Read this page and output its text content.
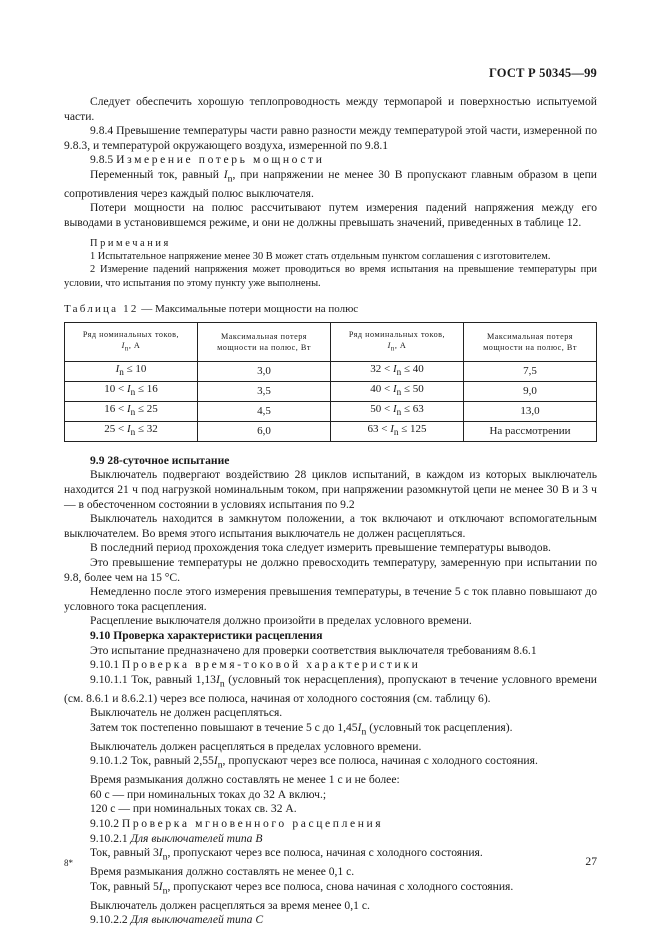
ГОСТ Р 50345—99

Следует обеспечить хорошую теплопроводность между термопарой и поверхностью испытуемой части.

9.8.4 Превышение температуры части равно разности между температурой этой части, измеренной по 9.8.3, и температурой окружающего воздуха, измеренной по 9.8.1

9.8.5 Измерение потерь мощности

Переменный ток, равный $I_n$, при напряжении не менее 30 В пропускают главным образом в цепи сопротивления через каждый полюс выключателя.

Потери мощности на полюс рассчитывают путем измерения падений напряжения между его выводами в установившемся режиме, и они не должны превышать значений, приведенных в таблице 12.

Примечания

1 Испытательное напряжение менее 30 В может стать отдельным пунктом соглашения с изготовителем.

2 Измерение падений напряжения может проводиться во время испытания на превышение температуры при условии, что испытания по этому пункту уже выполнены.

Таблица 12 — Максимальные потери мощности на полюс
Ряд номинальных токов,
$I_n$, А	Максимальная потеря
мощности на полюс, Вт	Ряд номинальных токов,
$I_n$, А	Максимальная потеря
мощности на полюс, Вт
$I_n \le 10$	3,0	$32 < I_n \le 40$	7,5
$10 < I_n \le 16$	3,5	$40 < I_n \le 50$	9,0
$16 < I_n \le 25$	4,5	$50 < I_n \le 63$	13,0
$25 < I_n \le 32$	6,0	$63 < I_n \le 125$	На рассмотрении

9.9 28-суточное испытание

Выключатель подвергают воздействию 28 циклов испытаний, в каждом из которых выключатель находится 21 ч под нагрузкой номинальным током, при напряжении разомкнутой цепи не менее 30 В и 3 ч — в обесточенном состоянии в условиях испытания по 9.2

Выключатель находится в замкнутом положении, а ток включают и отключают вспомогательным выключателем. Во время этого испытания выключатель не должен расцепляться.

В последний период прохождения тока следует измерить превышение температуры выводов.

Это превышение температуры не должно превосходить температуру, замеренную при испытании по 9.8, более чем на 15 °С.

Немедленно после этого измерения превышения температуры, в течение 5 с ток плавно повышают до условного тока расцепления.

Расцепление выключателя должно произойти в пределах условного времени.

9.10 Проверка характеристики расцепления

Это испытание предназначено для проверки соответствия выключателя требованиям 8.6.1

9.10.1 Проверка время-токовой характеристики

9.10.1.1 Ток, равный $1,13I_n$ (условный ток нерасцепления), пропускают в течение условного времени (см. 8.6.1 и 8.6.2.1) через все полюса, начиная от холодного состояния (см. таблицу 6).

Выключатель не должен расцепляться.

Затем ток постепенно повышают в течение 5 с до $1,45I_n$ (условный ток расцепления).

Выключатель должен расцепляться в пределах условного времени.

9.10.1.2 Ток, равный $2,55I_n$, пропускают через все полюса, начиная с холодного состояния.

Время размыкания должно составлять не менее 1 с и не более:

60 с — при номинальных токах до 32 А включ.;

120 с — при номинальных токах св. 32 А.

9.10.2 Проверка мгновенного расцепления

9.10.2.1 Для выключателей типа В

Ток, равный $3I_n$, пропускают через все полюса, начиная с холодного состояния.

Время размыкания должно составлять не менее 0,1 с.

Ток, равный $5I_n$, пропускают через все полюса, снова начиная с холодного состояния.

Выключатель должен расцепляться за время менее 0,1 с.

9.10.2.2 Для выключателей типа С

8*	27
